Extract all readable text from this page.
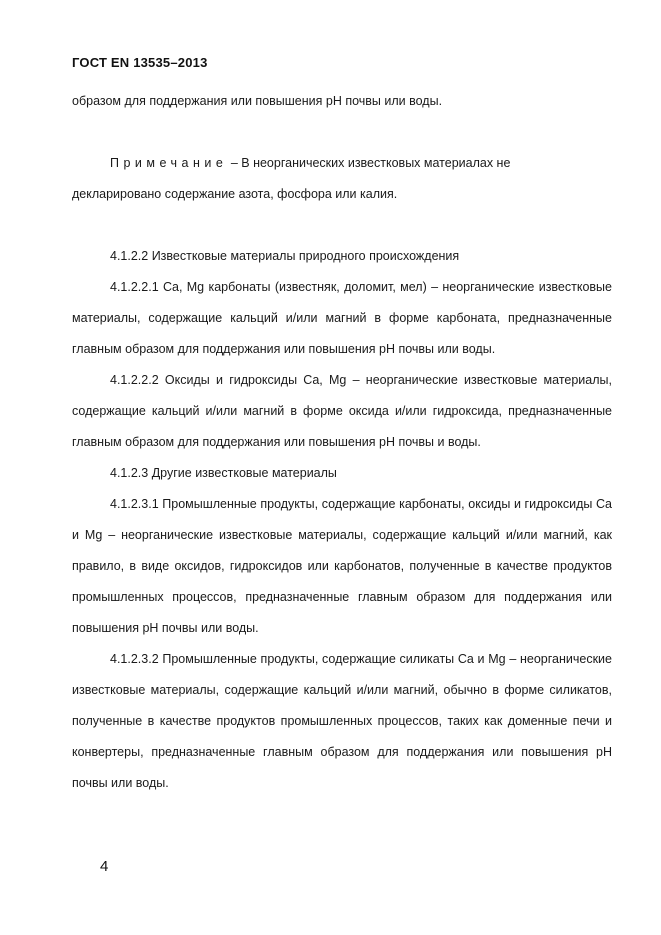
ГОСТ EN 13535–2013

образом для поддержания или повышения pH почвы или воды.

Примечание – В неорганических известковых материалах не

декларировано содержание азота, фосфора или калия.

4.1.2.2 Известковые материалы природного происхождения

4.1.2.2.1 Ca, Mg карбонаты (известняк, доломит, мел) – неорганические известковые материалы, содержащие кальций и/или магний в форме карбоната, предназначенные главным образом для поддержания или повышения pH почвы или воды.

4.1.2.2.2 Оксиды и гидроксиды Ca, Mg – неорганические известковые материалы, содержащие кальций и/или магний в форме оксида и/или гидроксида, предназначенные главным образом для поддержания или повышения pH почвы и воды.

4.1.2.3 Другие известковые материалы

4.1.2.3.1 Промышленные продукты, содержащие карбонаты, оксиды и гидроксиды Ca и Mg – неорганические известковые материалы, содержащие кальций и/или магний, как правило, в виде оксидов, гидроксидов или карбонатов, полученные в качестве продуктов промышленных процессов, предназначенные главным образом для поддержания или повышения pH почвы или воды.

4.1.2.3.2 Промышленные продукты, содержащие силикаты Ca и Mg – неорганические известковые материалы, содержащие кальций и/или магний, обычно в форме силикатов, полученные в качестве продуктов промышленных процессов, таких как доменные печи и конвертеры, предназначенные главным образом для поддержания или повышения pH почвы или воды.

4
